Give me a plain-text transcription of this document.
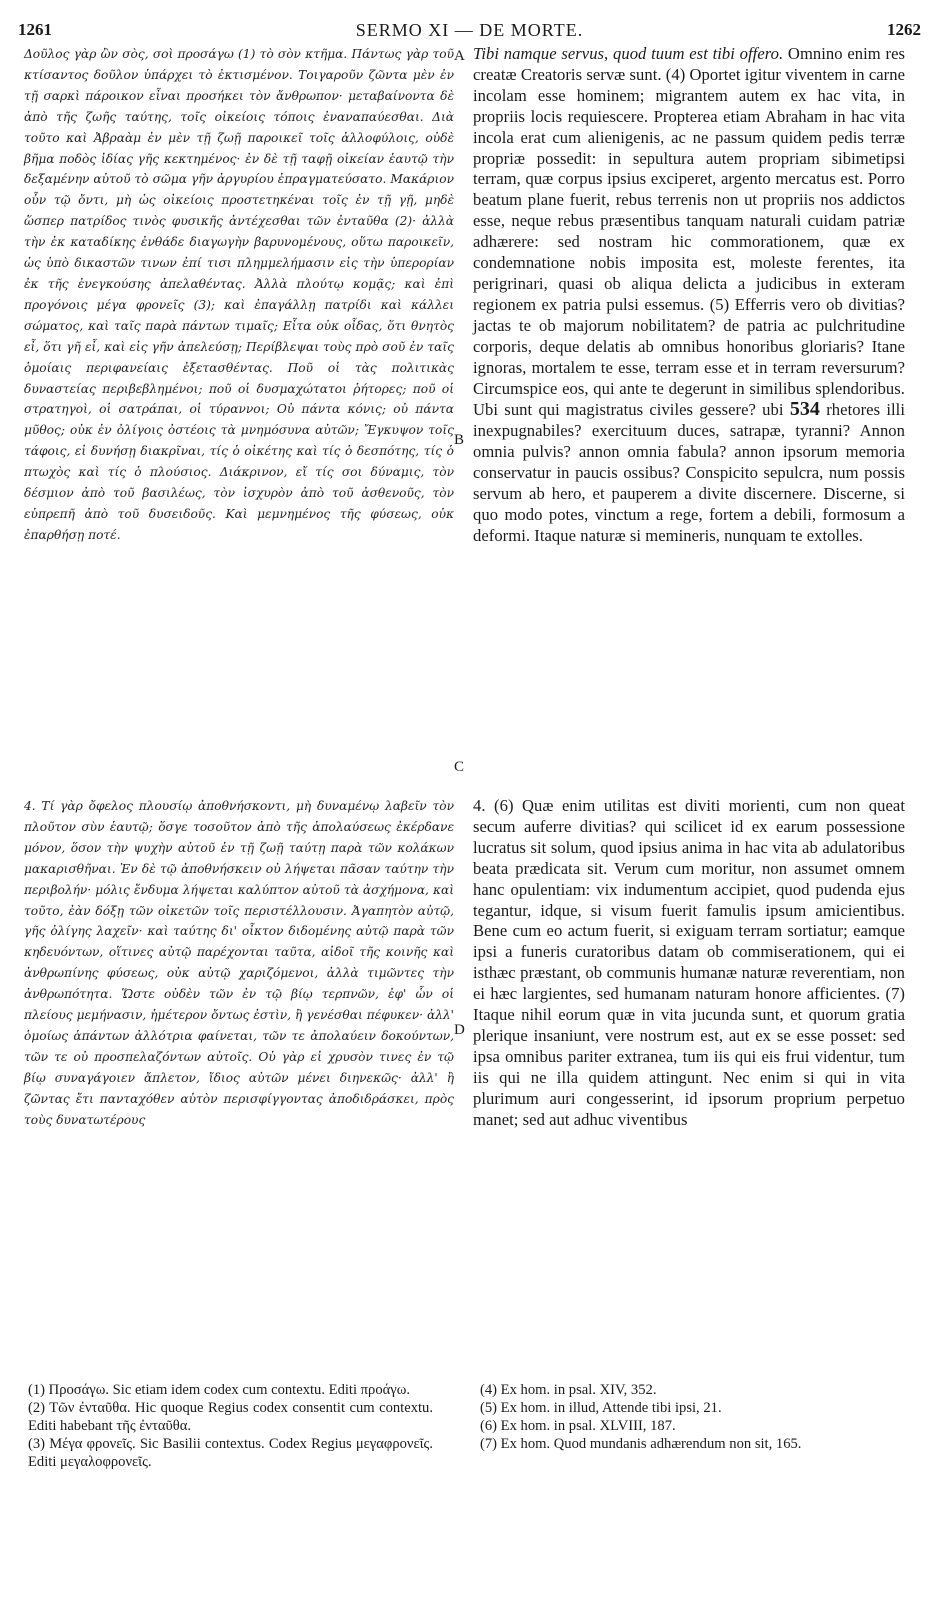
1261	SERMO XI — DE MORTE.	1262

Δοῦλος γὰρ ὢν σὸς, σοὶ προσάγω (1) τὸ σὸν κτῆμα. Πάντως γὰρ τοῦ κτίσαντος δοῦλον ὑπάρχει τὸ ἐκτισμένον. Τοιγαροῦν ζῶντα μὲν ἐν τῇ σαρκὶ πάροικον εἶναι προσήκει τὸν ἄνθρωπον· μεταβαίνοντα δὲ ἀπὸ τῆς ζωῆς ταύτης, τοῖς οἰκείοις τόποις ἐναναπαύεσθαι. Διὰ τοῦτο καὶ Ἀβραὰμ ἐν μὲν τῇ ζωῇ παροικεῖ τοῖς ἀλλοφύλοις, οὐδὲ βῆμα ποδὸς ἰδίας γῆς κεκτημένος· ἐν δὲ τῇ ταφῇ οἰκείαν ἑαυτῷ τὴν δεξαμένην αὐτοῦ τὸ σῶμα γῆν ἀργυρίου ἐπραγματεύσατο. Μακάριον οὖν τῷ ὄντι, μὴ ὡς οἰκείοις προστετηκέναι τοῖς ἐν τῇ γῇ, μηδὲ ὥσπερ πατρίδος τινὸς φυσικῆς ἀντέχεσθαι τῶν ἐνταῦθα (2)· ἀλλὰ τὴν ἐκ καταδίκης ἐνθάδε διαγωγὴν βαρυνομένους, οὕτω παροικεῖν, ὡς ὑπὸ δικαστῶν τινων ἐπί τισι πλημμελήμασιν εἰς τὴν ὑπερορίαν ἐκ τῆς ἐνεγκούσης ἀπελαθέντας. Ἀλλὰ πλούτῳ κομᾷς; καὶ ἐπὶ προγόνοις μέγα φρονεῖς (3); καὶ ἐπαγάλλῃ πατρίδι καὶ κάλλει σώματος, καὶ ταῖς παρὰ πάντων τιμαῖς; Εἶτα οὐκ οἶδας, ὅτι θνητὸς εἶ, ὅτι γῆ εἶ, καὶ εἰς γῆν ἀπελεύσῃ; Περίβλεψαι τοὺς πρὸ σοῦ ἐν ταῖς ὁμοίαις περιφανείαις ἐξετασθέντας. Ποῦ οἱ τὰς πολιτικὰς δυναστείας περιβεβλημένοι; ποῦ οἱ δυσμαχώτατοι ῥήτορες; ποῦ οἱ στρατηγοὶ, οἱ σατράπαι, οἱ τύραννοι; Οὐ πάντα κόνις; οὐ πάντα μῦθος; οὐκ ἐν ὀλίγοις ὀστέοις τὰ μνημόσυνα αὐτῶν; Ἔγκυψον τοῖς τάφοις, εἰ δυνήσῃ διακρῖναι, τίς ὁ οἰκέτης καὶ τίς ὁ δεσπότης, τίς ὁ πτωχὸς καὶ τίς ὁ πλούσιος. Διάκρινον, εἴ τίς σοι δύναμις, τὸν δέσμιον ἀπὸ τοῦ βασιλέως, τὸν ἰσχυρὸν ἀπὸ τοῦ ἀσθενοῦς, τὸν εὐπρεπῆ ἀπὸ τοῦ δυσειδοῦς. Καὶ μεμνημένος τῆς φύσεως, οὐκ ἐπαρθήσῃ ποτέ.

Tibi namque servus, quod tuum est tibi offero. Omnino enim res creatæ Creatoris servæ sunt. (4) Oportet igitur viventem in carne incolam esse hominem; migrantem autem ex hac vita, in propriis locis requiescere. Propterea etiam Abraham in hac vita incola erat cum alienigenis, ac ne passum quidem pedis terræ propriæ possedit: in sepultura autem propriam sibimetipsi terram, quæ corpus ipsius exciperet, argento mercatus est. Porro beatum plane fuerit, rebus terrenis non ut propriis nos addictos esse, neque rebus præsentibus tanquam naturali cuidam patriæ adhærere: sed nostram hic commorationem, quæ ex condemnatione nobis imposita est, moleste ferentes, ita perigrinari, quasi ob aliqua delicta a judicibus in exteram regionem ex patria pulsi essemus. (5) Efferris vero ob divitias? jactas te ob majorum nobilitatem? de patria ac pulchritudine corporis, deque delatis ab omnibus honoribus gloriaris? Itane ignoras, mortalem te esse, terram esse et in terram reversurum? Circumspice eos, qui ante te degerunt in similibus splendoribus. Ubi sunt qui magistratus civiles gessere? ubi 534 rhetores illi inexpugnabiles? exercituum duces, satrapæ, tyranni? Annon omnia pulvis? annon omnia fabula? annon ipsorum memoria conservatur in paucis ossibus? Conspicito sepulcra, num possis servum ab hero, et pauperem a divite discernere. Discerne, si quo modo potes, vinctum a rege, fortem a debili, formosum a deformi. Itaque naturæ si memineris, nunquam te extolles.

A
B
C
D

4. Τί γὰρ ὄφελος πλουσίῳ ἀποθνήσκοντι, μὴ δυναμένῳ λαβεῖν τὸν πλοῦτον σὺν ἑαυτῷ; ὅσγε τοσοῦτον ἀπὸ τῆς ἀπολαύσεως ἐκέρδανε μόνον, ὅσον τὴν ψυχὴν αὐτοῦ ἐν τῇ ζωῇ ταύτῃ παρὰ τῶν κολάκων μακαρισθῆναι. Ἐν δὲ τῷ ἀποθνήσκειν οὐ λήψεται πᾶσαν ταύτην τὴν περιβολήν· μόλις ἔνδυμα λήψεται καλύπτον αὐτοῦ τὰ ἀσχήμονα, καὶ τοῦτο, ἐὰν δόξῃ τῶν οἰκετῶν τοῖς περιστέλλουσιν. Ἀγαπητὸν αὐτῷ, γῆς ὀλίγης λαχεῖν· καὶ ταύτης δι' οἶκτον διδομένης αὐτῷ παρὰ τῶν κηδευόντων, οἵτινες αὐτῷ παρέχονται ταῦτα, αἰδοῖ τῆς κοινῆς καὶ ἀνθρωπίνης φύσεως, οὐκ αὐτῷ χαριζόμενοι, ἀλλὰ τιμῶντες τὴν ἀνθρωπότητα. Ὥστε οὐδὲν τῶν ἐν τῷ βίῳ τερπνῶν, ἐφ' ὧν οἱ πλείους μεμήνασιν, ἡμέτερον ὄντως ἐστὶν, ἢ γενέσθαι πέφυκεν· ἀλλ' ὁμοίως ἁπάντων ἀλλότρια φαίνεται, τῶν τε ἀπολαύειν δοκούντων, τῶν τε οὐ προσπελαζόντων αὐτοῖς. Οὐ γὰρ εἰ χρυσὸν τινες ἐν τῷ βίῳ συναγάγοιεν ἄπλετον, ἴδιος αὐτῶν μένει διηνεκῶς· ἀλλ' ἢ ζῶντας ἔτι πανταχόθεν αὐτὸν περισφίγγοντας ἀποδιδράσκει, πρὸς τοὺς δυνατωτέρους

4. (6) Quæ enim utilitas est diviti morienti, cum non queat secum auferre divitias? qui scilicet id ex earum possessione lucratus sit solum, quod ipsius anima in hac vita ab adulatoribus beata prædicata sit. Verum cum moritur, non assumet omnem hanc opulentiam: vix indumentum accipiet, quod pudenda ejus tegantur, idque, si visum fuerit famulis ipsum amicientibus. Bene cum eo actum fuerit, si exiguam terram sortiatur; eamque ipsi a funeris curatoribus datam ob commiserationem, qui ei isthæc præstant, ob communis humanæ naturæ reverentiam, non ei hæc largientes, sed humanam naturam honore afficientes. (7) Itaque nihil eorum quæ in vita jucunda sunt, et quorum gratia plerique insaniunt, vere nostrum est, aut ex se esse posset: sed ipsa omnibus pariter extranea, tum iis qui eis frui videntur, tum iis qui ne illa quidem attingunt. Nec enim si qui in vita plurimum auri congesserint, id ipsorum proprium perpetuo manet; sed aut adhuc viventibus

(1) Προσάγω. Sic etiam idem codex cum contextu. Editi προάγω.

(2) Τῶν ἐνταῦθα. Hic quoque Regius codex consentit cum contextu. Editi habebant τῆς ἐνταῦθα.

(3) Μέγα φρονεῖς. Sic Basilii contextus. Codex Regius μεγαφρονεῖς. Editi μεγαλοφρονεῖς.

(4) Ex hom. in psal. XIV, 352.

(5) Ex hom. in illud, Attende tibi ipsi, 21.

(6) Ex hom. in psal. XLVIII, 187.

(7) Ex hom. Quod mundanis adhærendum non sit, 165.
